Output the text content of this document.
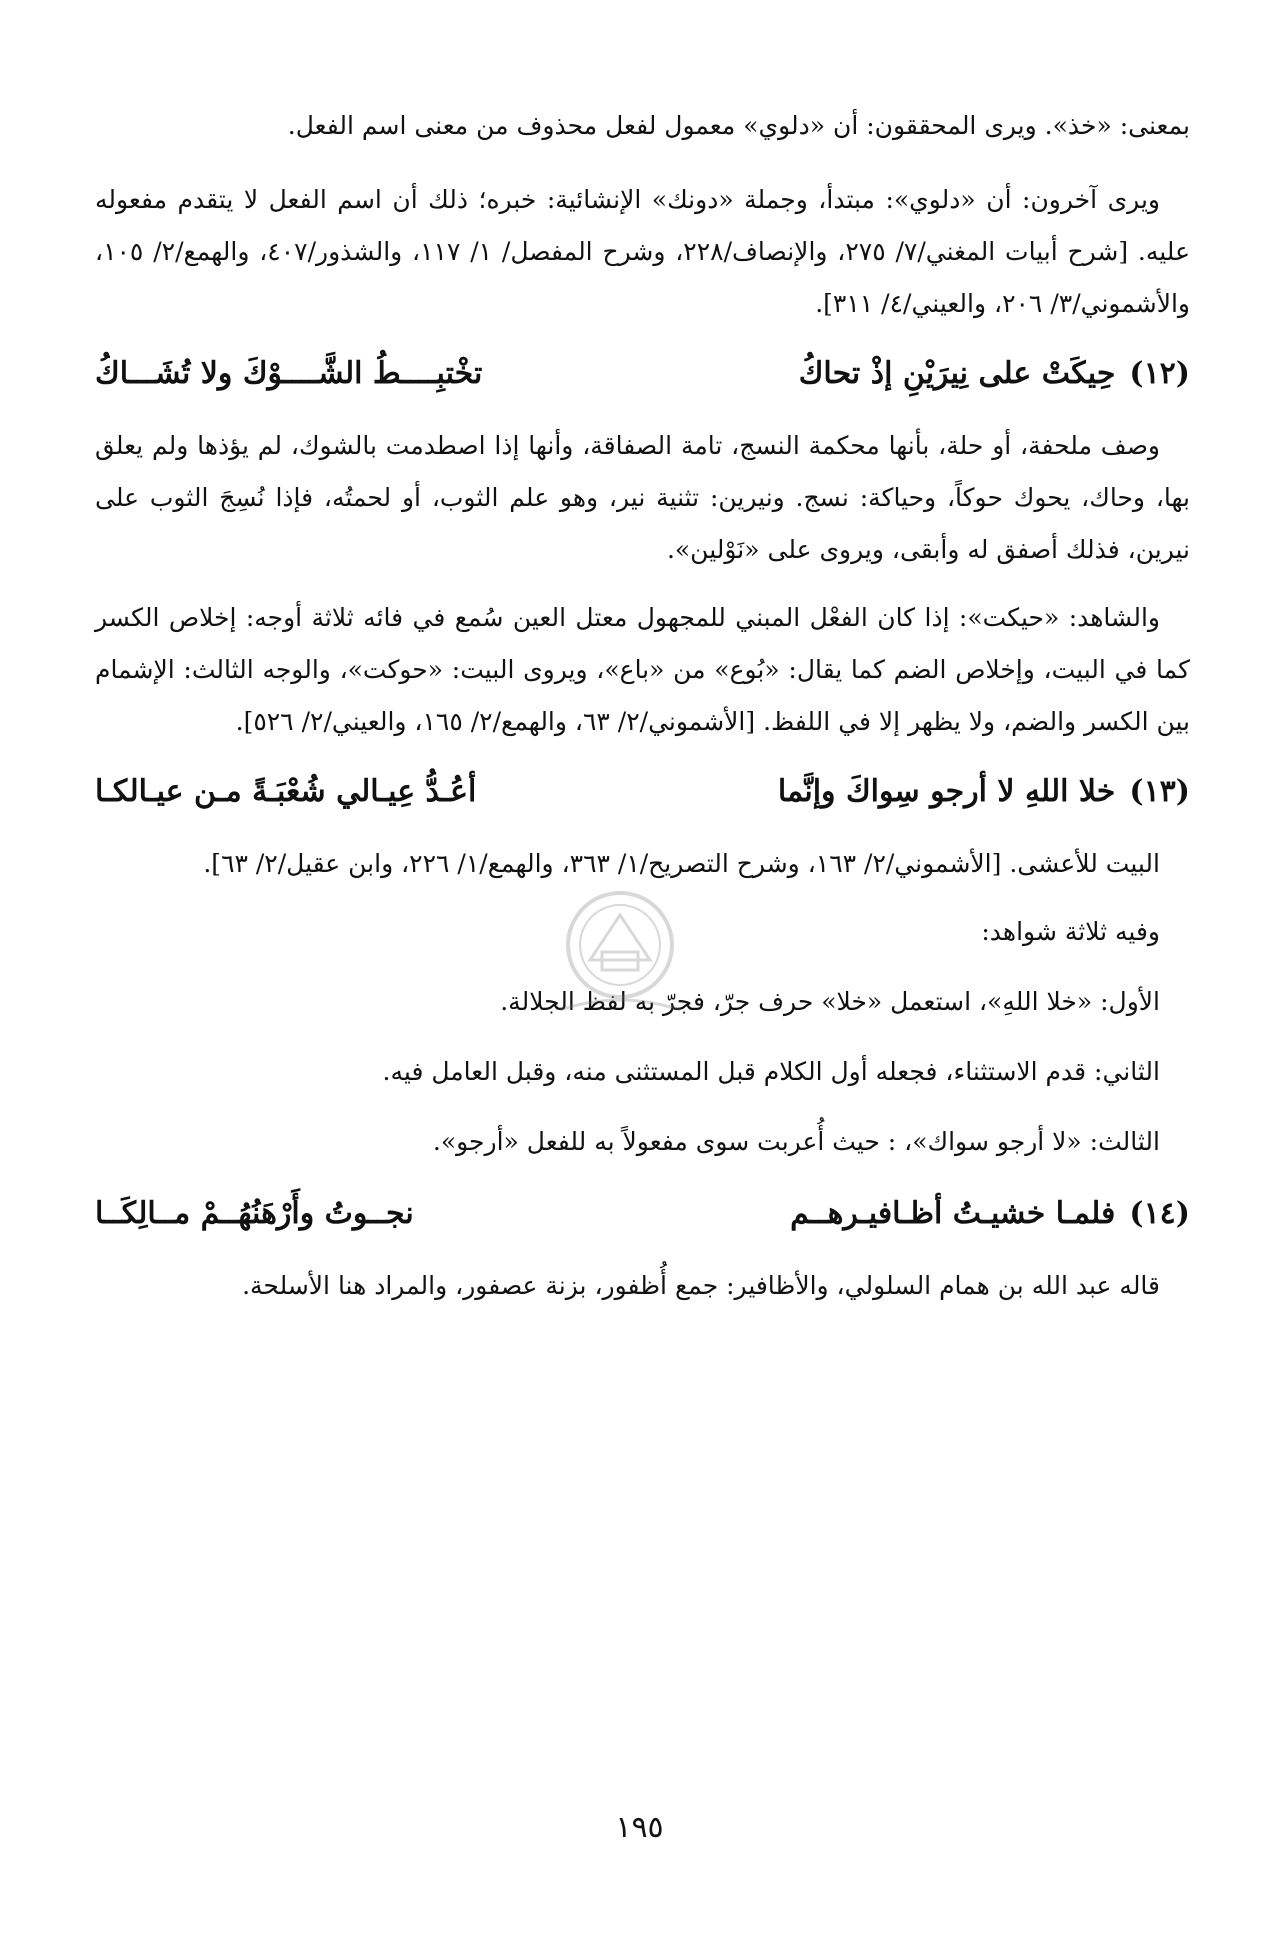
بمعنى: «خذ». ويرى المحققون: أن «دلوي» معمول لفعل محذوف من معنى اسم الفعل.

ويرى آخرون: أن «دلوي»: مبتدأ، وجملة «دونك» الإنشائية: خبره؛ ذلك أن اسم الفعل لا يتقدم مفعوله عليه. [شرح أبيات المغني/٧/ ٢٧٥، والإنصاف/٢٢٨، وشرح المفصل/ ١/ ١١٧، والشذور/٤٠٧، والهمع/٢/ ١٠٥، والأشموني/٣/ ٢٠٦، والعيني/٤/ ٣١١].

(١٢)
حِيكَتْ على نِيرَيْنِ إذْ تحاكُ
تخْتبِــــطُ الشَّــــوْكَ ولا تُشَـــاكُ

وصف ملحفة، أو حلة، بأنها محكمة النسج، تامة الصفاقة، وأنها إذا اصطدمت بالشوك، لم يؤذها ولم يعلق بها، وحاك، يحوك حوكاً، وحياكة: نسج. ونيرين: تثنية نير، وهو علم الثوب، أو لحمتُه، فإذا نُسِجَ الثوب على نيرين، فذلك أصفق له وأبقى، ويروى على «نَوْلين».

والشاهد: «حيكت»: إذا كان الفعْل المبني للمجهول معتل العين سُمع في فائه ثلاثة أوجه: إخلاص الكسر كما في البيت، وإخلاص الضم كما يقال: «بُوع» من «باع»، ويروى البيت: «حوكت»، والوجه الثالث: الإشمام بين الكسر والضم، ولا يظهر إلا في اللفظ. [الأشموني/٢/ ٦٣، والهمع/٢/ ١٦٥، والعيني/٢/ ٥٢٦].

(١٣)
خلا اللهِ لا أرجو سِواكَ وإنَّما
أعُـدُّ عِيـالي شُعْبَـةً مـن عيـالكـا

البيت للأعشى. [الأشموني/٢/ ١٦٣، وشرح التصريح/١/ ٣٦٣، والهمع/١/ ٢٢٦، وابن عقيل/٢/ ٦٣].

وفيه ثلاثة شواهد:

الأول: «خلا اللهِ»، استعمل «خلا» حرف جرّ، فجرّ به لفظ الجلالة.

الثاني: قدم الاستثناء، فجعله أول الكلام قبل المستثنى منه، وقبل العامل فيه.

الثالث: «لا أرجو سواك»، : حيث أُعربت سوى مفعولاً به للفعل «أرجو».

(١٤)
فلمـا خشيـتُ أظـافيـرهــم
نجــوتُ وأَرْهَنُهُــمْ مــالِكَــا

قاله عبد الله بن همام السلولي، والأظافير: جمع أُظفور، بزنة عصفور، والمراد هنا الأسلحة.

١٩٥
